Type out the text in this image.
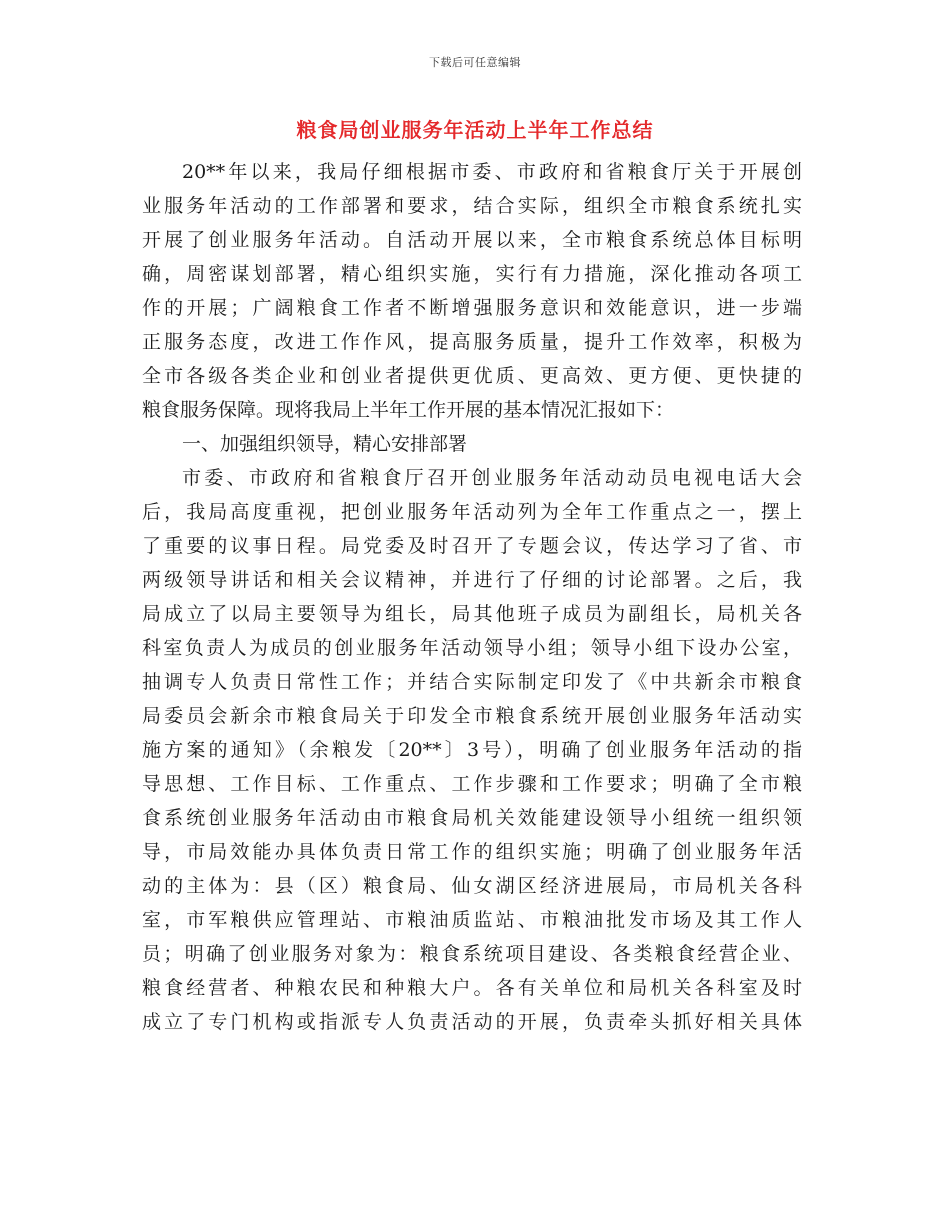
下载后可任意编辑
粮食局创业服务年活动上半年工作总结
20**年以来，我局仔细根据市委、市政府和省粮食厅关于开展创
业服务年活动的工作部署和要求，结合实际，组织全市粮食系统扎实
开展了创业服务年活动。自活动开展以来，全市粮食系统总体目标明
确，周密谋划部署，精心组织实施，实行有力措施，深化推动各项工
作的开展；广阔粮食工作者不断增强服务意识和效能意识，进一步端
正服务态度，改进工作作风，提高服务质量，提升工作效率，积极为
全市各级各类企业和创业者提供更优质、更高效、更方便、更快捷的
粮食服务保障。现将我局上半年工作开展的基本情况汇报如下：
一、加强组织领导，精心安排部署
市委、市政府和省粮食厅召开创业服务年活动动员电视电话大会
后，我局高度重视，把创业服务年活动列为全年工作重点之一，摆上
了重要的议事日程。局党委及时召开了专题会议，传达学习了省、市
两级领导讲话和相关会议精神，并进行了仔细的讨论部署。之后，我
局成立了以局主要领导为组长，局其他班子成员为副组长，局机关各
科室负责人为成员的创业服务年活动领导小组；领导小组下设办公室，
抽调专人负责日常性工作；并结合实际制定印发了《中共新余市粮食
局委员会新余市粮食局关于印发全市粮食系统开展创业服务年活动实
施方案的通知》（余粮发〔20**〕3号），明确了创业服务年活动的指
导思想、工作目标、工作重点、工作步骤和工作要求；明确了全市粮
食系统创业服务年活动由市粮食局机关效能建设领导小组统一组织领
导，市局效能办具体负责日常工作的组织实施；明确了创业服务年活
动的主体为：县（区）粮食局、仙女湖区经济进展局，市局机关各科
室，市军粮供应管理站、市粮油质监站、市粮油批发市场及其工作人
员；明确了创业服务对象为：粮食系统项目建设、各类粮食经营企业、
粮食经营者、种粮农民和种粮大户。各有关单位和局机关各科室及时
成立了专门机构或指派专人负责活动的开展，负责牵头抓好相关具体
